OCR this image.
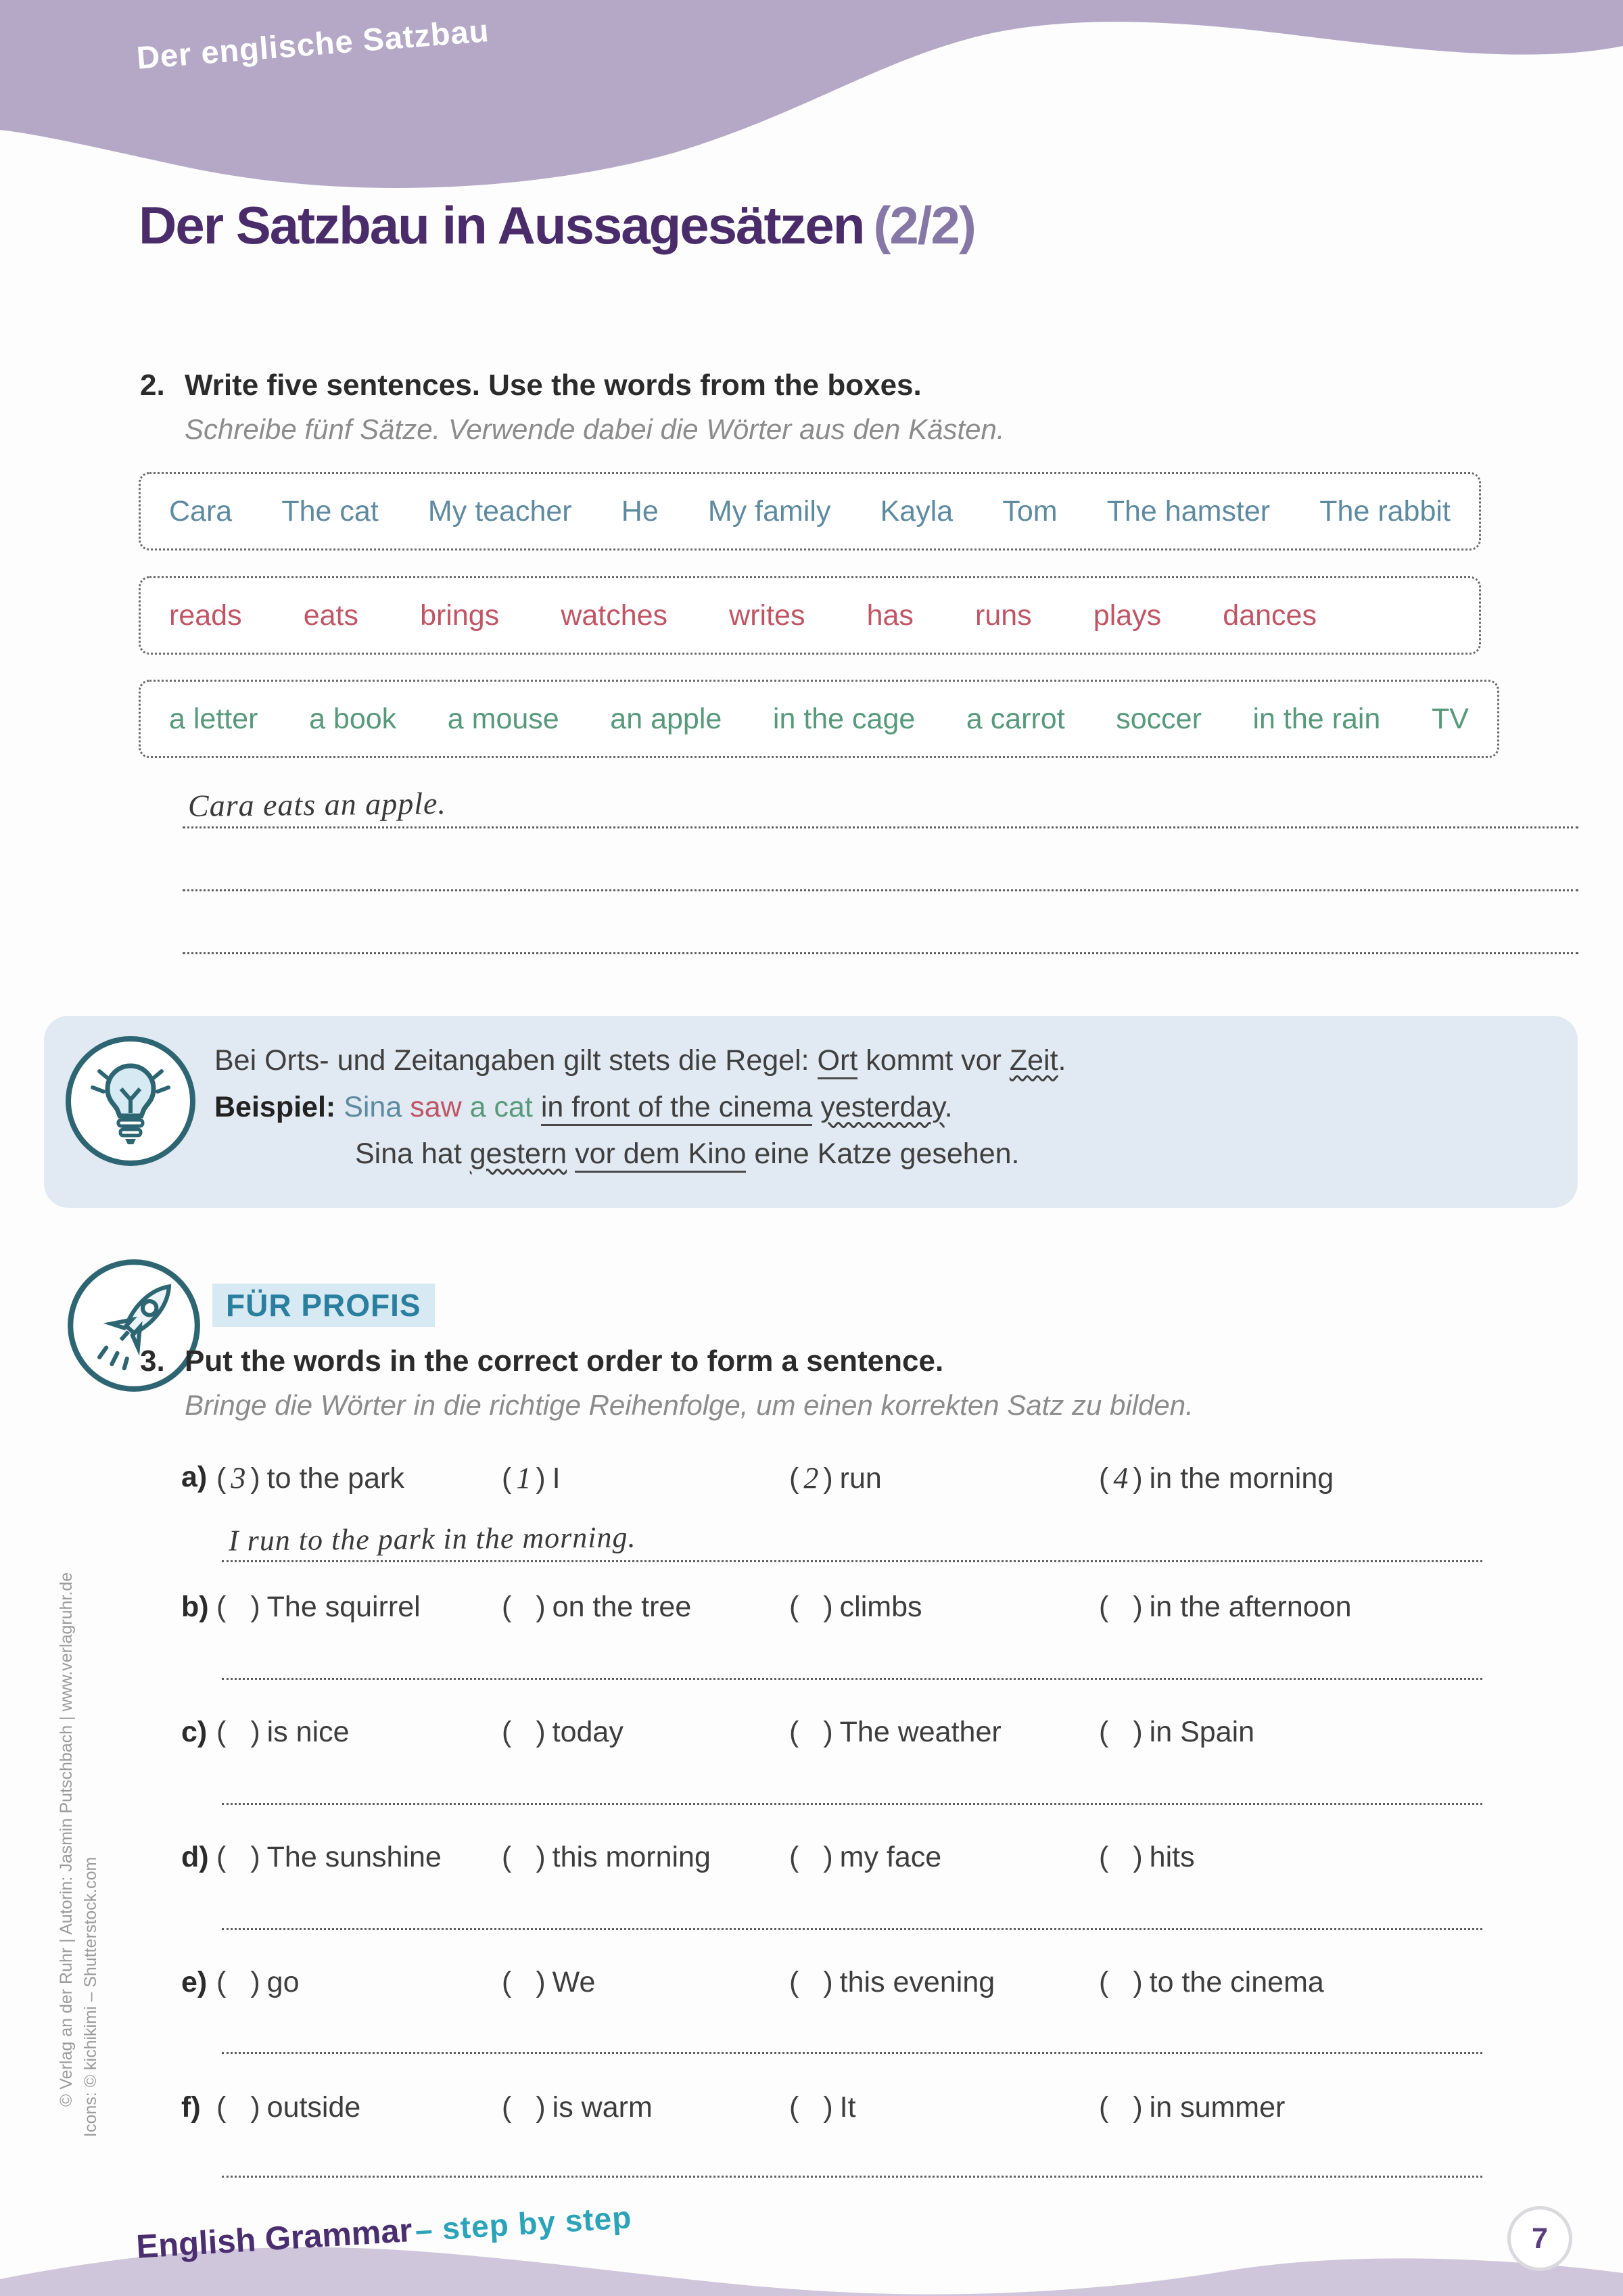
Der englische Satzbau
Der Satzbau in Aussagesätzen (2/2)
2. Write five sentences. Use the words from the boxes.
Schreibe fünf Sätze. Verwende dabei die Wörter aus den Kästen.
Cara The cat My teacher He My family Kayla Tom The hamster The rabbit
reads eats brings watches writes has runs plays dances
a letter a book a mouse an apple in the cage a carrot soccer in the rain TV
Cara eats an apple.
Bei Orts- und Zeitangaben gilt stets die Regel: Ort kommt vor Zeit.
Beispiel: Sina saw a cat in front of the cinema yesterday.
Sina hat gestern vor dem Kino eine Katze gesehen.
FÜR PROFIS
3. Put the words in the correct order to form a sentence.
Bringe die Wörter in die richtige Reihenfolge, um einen korrekten Satz zu bilden.
a) ( 3 ) to the park	( 1 ) I	( 2 ) run	( 4 ) in the morning
I run to the park in the morning.
b) ( ) The squirrel	( ) on the tree	( ) climbs	( ) in the afternoon
c) ( ) is nice	( ) today	( ) The weather	( ) in Spain
d) ( ) The sunshine ( ) this morning	( ) my face	( ) hits
e) ( ) go	( ) We	( ) this evening	( ) to the cinema
f) ( ) outside	( ) is warm	( ) It	( ) in summer
© Verlag an der Ruhr | Autorin: Jasmin Putschbach | www.verlagruhr.de Icons: © kichikimi – Shutterstock.com
English Grammar – step by step	7
